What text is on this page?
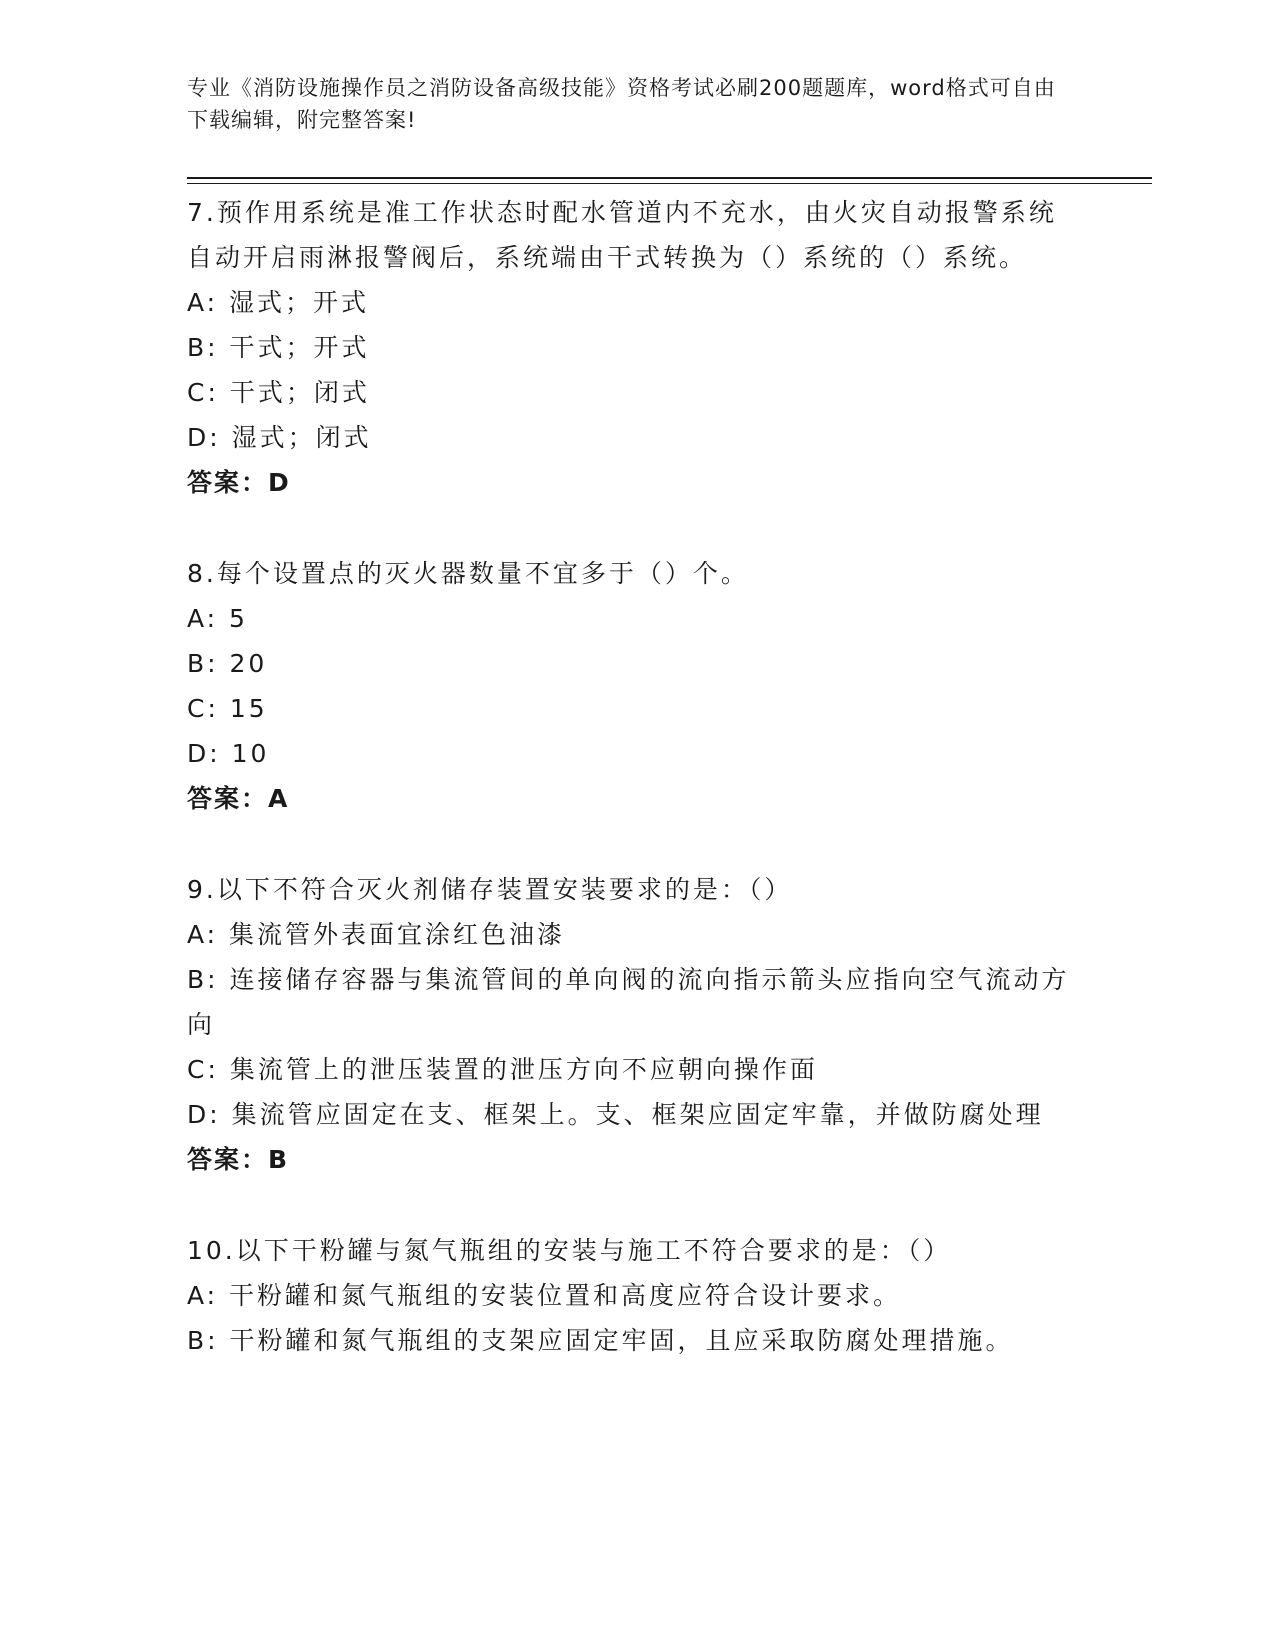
专业《消防设施操作员之消防设备高级技能》资格考试必刷200题题库，word格式可自由下载编辑，附完整答案!
7.预作用系统是准工作状态时配水管道内不充水，由火灾自动报警系统自动开启雨淋报警阀后，系统端由干式转换为（）系统的（）系统。
A: 湿式；开式
B: 干式；开式
C: 干式；闭式
D: 湿式；闭式
答案：D
8.每个设置点的灭火器数量不宜多于（）个。
A: 5
B: 20
C: 15
D: 10
答案：A
9.以下不符合灭火剂储存装置安装要求的是：（）
A: 集流管外表面宜涂红色油漆
B: 连接储存容器与集流管间的单向阀的流向指示箭头应指向空气流动方向
C: 集流管上的泄压装置的泄压方向不应朝向操作面
D: 集流管应固定在支、框架上。支、框架应固定牢靠，并做防腐处理
答案：B
10.以下干粉罐与氮气瓶组的安装与施工不符合要求的是：（）
A: 干粉罐和氮气瓶组的安装位置和高度应符合设计要求。
B: 干粉罐和氮气瓶组的支架应固定牢固，且应采取防腐处理措施。
